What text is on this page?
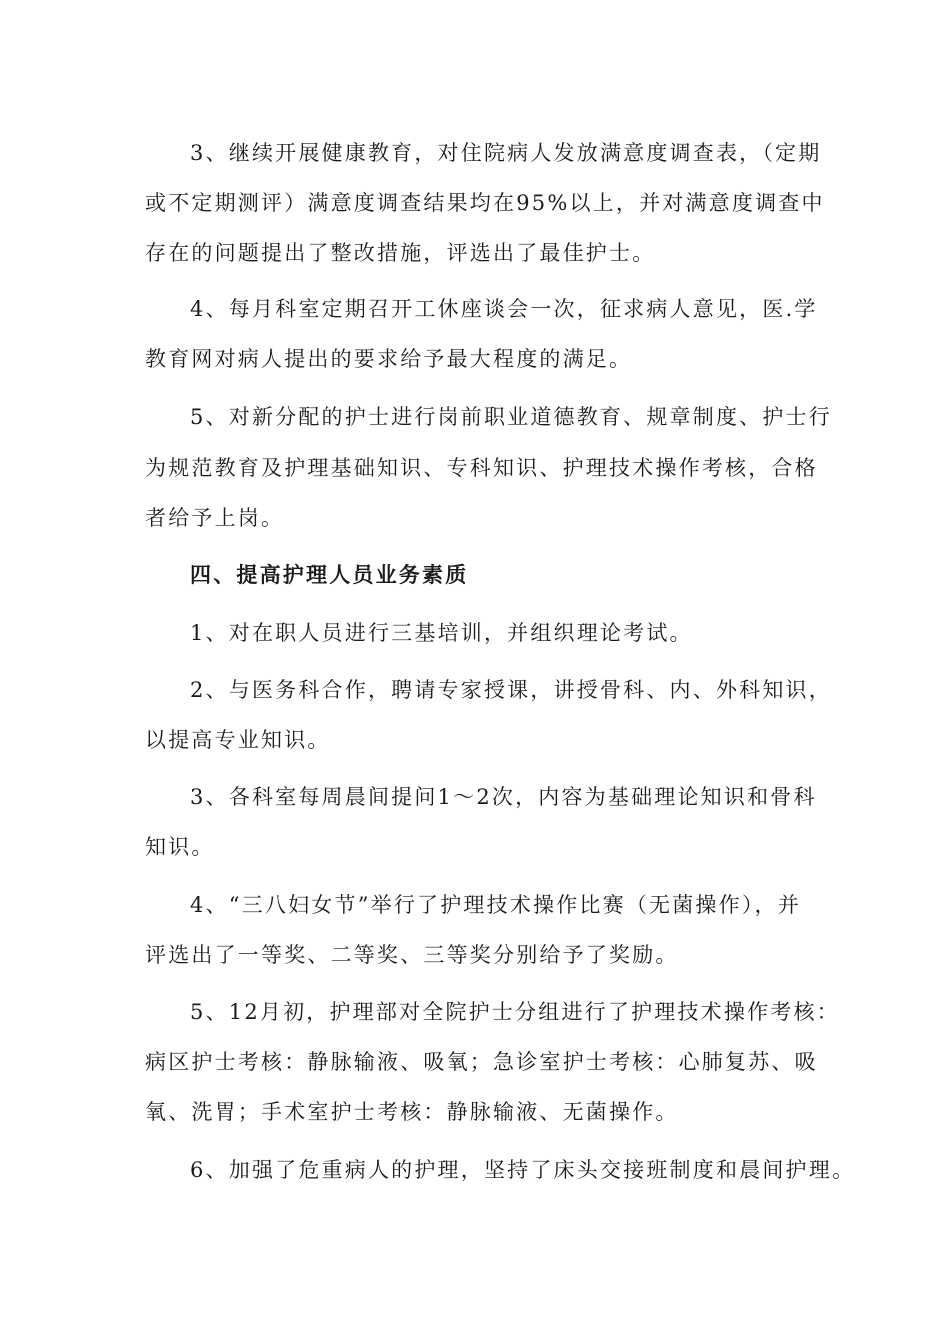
3、继续开展健康教育，对住院病人发放满意度调查表，（定期
或不定期测评）满意度调查结果均在95%以上，并对满意度调查中
存在的问题提出了整改措施，评选出了最佳护士。
4、每月科室定期召开工休座谈会一次，征求病人意见，医.学
教育网对病人提出的要求给予最大程度的满足。
5、对新分配的护士进行岗前职业道德教育、规章制度、护士行
为规范教育及护理基础知识、专科知识、护理技术操作考核，合格
者给予上岗。
四、提高护理人员业务素质
1、对在职人员进行三基培训，并组织理论考试。
2、与医务科合作，聘请专家授课，讲授骨科、内、外科知识，
以提高专业知识。
3、各科室每周晨间提问1～2次，内容为基础理论知识和骨科
知识。
4、“三八妇女节”举行了护理技术操作比赛（无菌操作），并
评选出了一等奖、二等奖、三等奖分别给予了奖励。
5、12月初，护理部对全院护士分组进行了护理技术操作考核：
病区护士考核：静脉输液、吸氧；急诊室护士考核：心肺复苏、吸
氧、洗胃；手术室护士考核：静脉输液、无菌操作。
6、加强了危重病人的护理，坚持了床头交接班制度和晨间护理。
